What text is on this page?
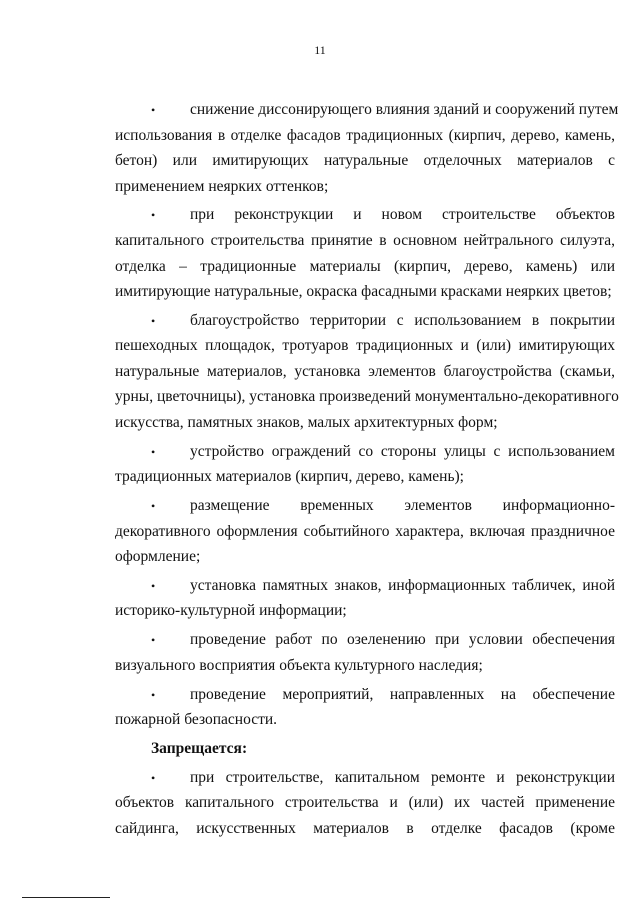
11
• снижение диссонирующего влияния зданий и сооружений путем
использования в отделке фасадов традиционных (кирпич, дерево, камень,
бетон) или имитирующих натуральные отделочных материалов с
применением неярких оттенков;
• при реконструкции и новом строительстве объектов
капитального строительства принятие в основном нейтрального силуэта,
отделка – традиционные материалы (кирпич, дерево, камень) или
имитирующие натуральные, окраска фасадными красками неярких цветов;
• благоустройство территории с использованием в покрытии
пешеходных площадок, тротуаров традиционных и (или) имитирующих
натуральные материалов, установка элементов благоустройства (скамьи,
урны, цветочницы), установка произведений монументально-декоративного
искусства, памятных знаков, малых архитектурных форм;
• устройство ограждений со стороны улицы с использованием
традиционных материалов (кирпич, дерево, камень);
• размещение временных элементов информационно-
декоративного оформления событийного характера, включая праздничное
оформление;
• установка памятных знаков, информационных табличек, иной
историко-культурной информации;
• проведение работ по озеленению при условии обеспечения
визуального восприятия объекта культурного наследия;
• проведение мероприятий, направленных на обеспечение
пожарной безопасности.
Запрещается:
• при строительстве, капитальном ремонте и реконструкции
объектов капитального строительства и (или) их частей применение
сайдинга, искусственных материалов в отделке фасадов (кроме
